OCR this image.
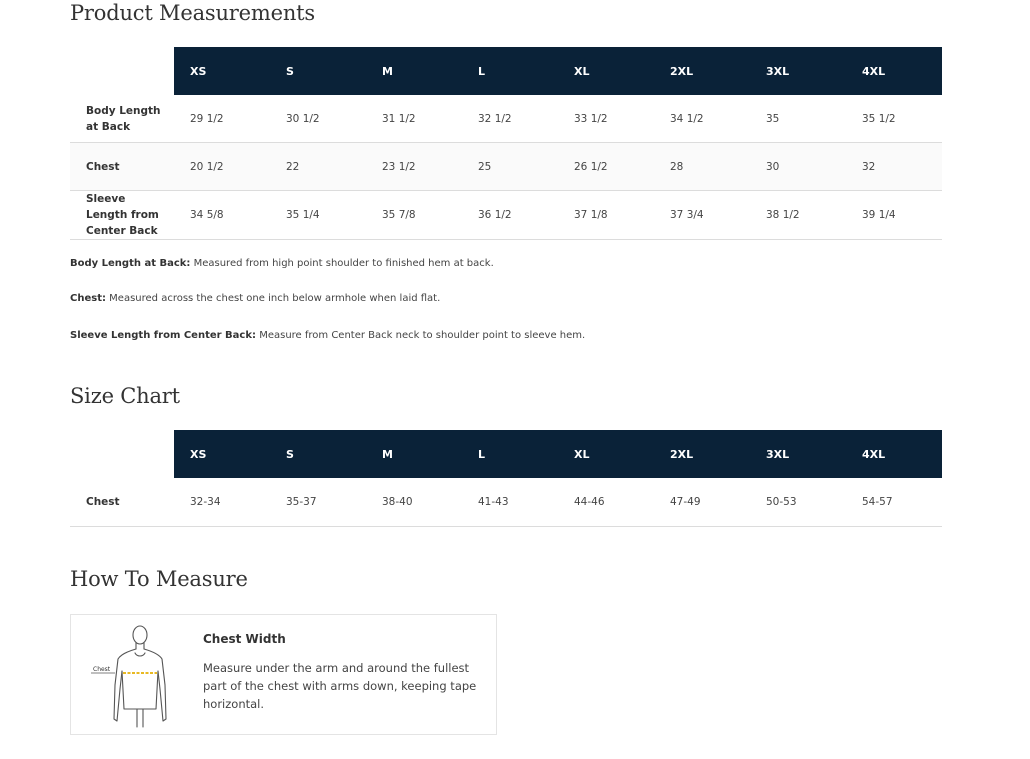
Product Measurements
	XS	S	M	L	XL	2XL	3XL	4XL
Body Length at Back	29 1/2	30 1/2	31 1/2	32 1/2	33 1/2	34 1/2	35	35 1/2
Chest	20 1/2	22	23 1/2	25	26 1/2	28	30	32
Sleeve Length from Center Back	34 5/8	35 1/4	35 7/8	36 1/2	37 1/8	37 3/4	38 1/2	39 1/4
Body Length at Back: Measured from high point shoulder to finished hem at back.
Chest: Measured across the chest one inch below armhole when laid flat.
Sleeve Length from Center Back: Measure from Center Back neck to shoulder point to sleeve hem.
Size Chart
	XS	S	M	L	XL	2XL	3XL	4XL
Chest	32-34	35-37	38-40	41-43	44-46	47-49	50-53	54-57
How To Measure
Chest
Chest Width
Measure under the arm and around the fullest part of the chest with arms down, keeping tape horizontal.
